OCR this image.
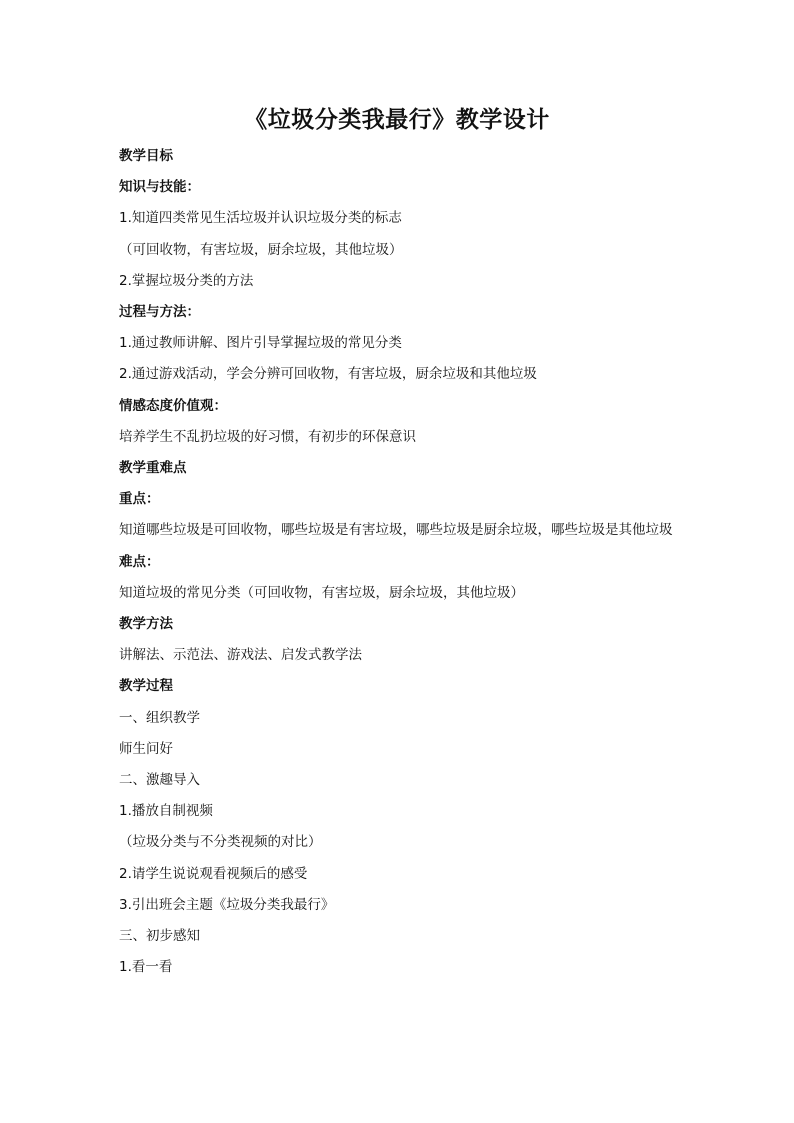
《垃圾分类我最行》教学设计
教学目标
知识与技能：
1.知道四类常见生活垃圾并认识垃圾分类的标志
（可回收物，有害垃圾，厨余垃圾，其他垃圾）
2.掌握垃圾分类的方法
过程与方法：
1.通过教师讲解、图片引导掌握垃圾的常见分类
2.通过游戏活动，学会分辨可回收物，有害垃圾，厨余垃圾和其他垃圾
情感态度价值观：
培养学生不乱扔垃圾的好习惯，有初步的环保意识
教学重难点
重点：
知道哪些垃圾是可回收物，哪些垃圾是有害垃圾，哪些垃圾是厨余垃圾，哪些垃圾是其他垃圾
难点：
知道垃圾的常见分类（可回收物，有害垃圾，厨余垃圾，其他垃圾）
教学方法
讲解法、示范法、游戏法、启发式教学法
教学过程
一、组织教学
师生问好
二、激趣导入
1.播放自制视频
（垃圾分类与不分类视频的对比）
2.请学生说说观看视频后的感受
3.引出班会主题《垃圾分类我最行》
三、初步感知
1.看一看
